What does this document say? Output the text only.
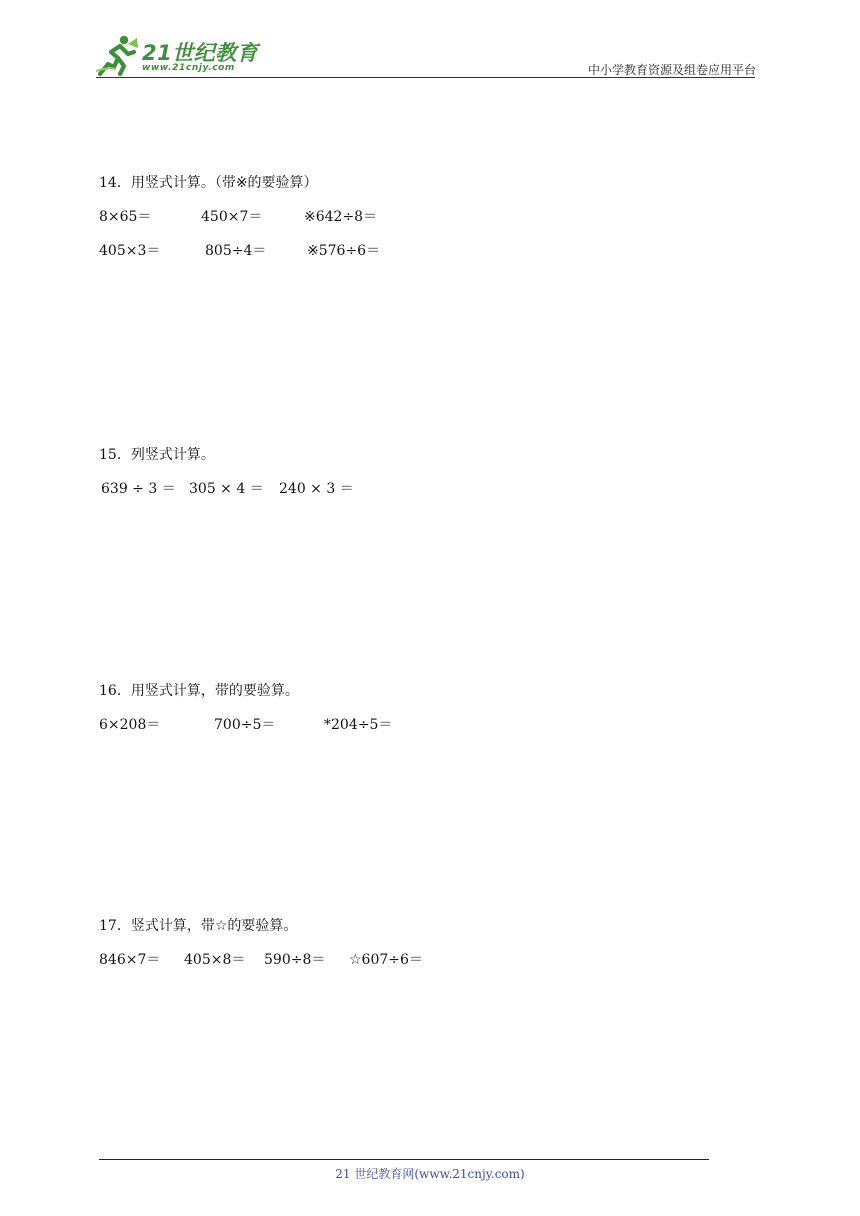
21世纪教育
www.21cnjy.com	中小学教育资源及组卷应用平台
14．用竖式计算。（带※的要验算）
8×65＝	450×7＝	※642÷8＝
405×3＝	805÷4＝	※576÷6＝
15．列竖式计算。
639 ÷ 3 ＝ 305 × 4 ＝ 240 × 3 ＝
16．用竖式计算，带的要验算。
6×208＝	700÷5＝	*204÷5＝
17．竖式计算，带☆的要验算。
846×7＝ 405×8＝ 590÷8＝ ☆607÷6＝
21 世纪教育网(www.21cnjy.com)
